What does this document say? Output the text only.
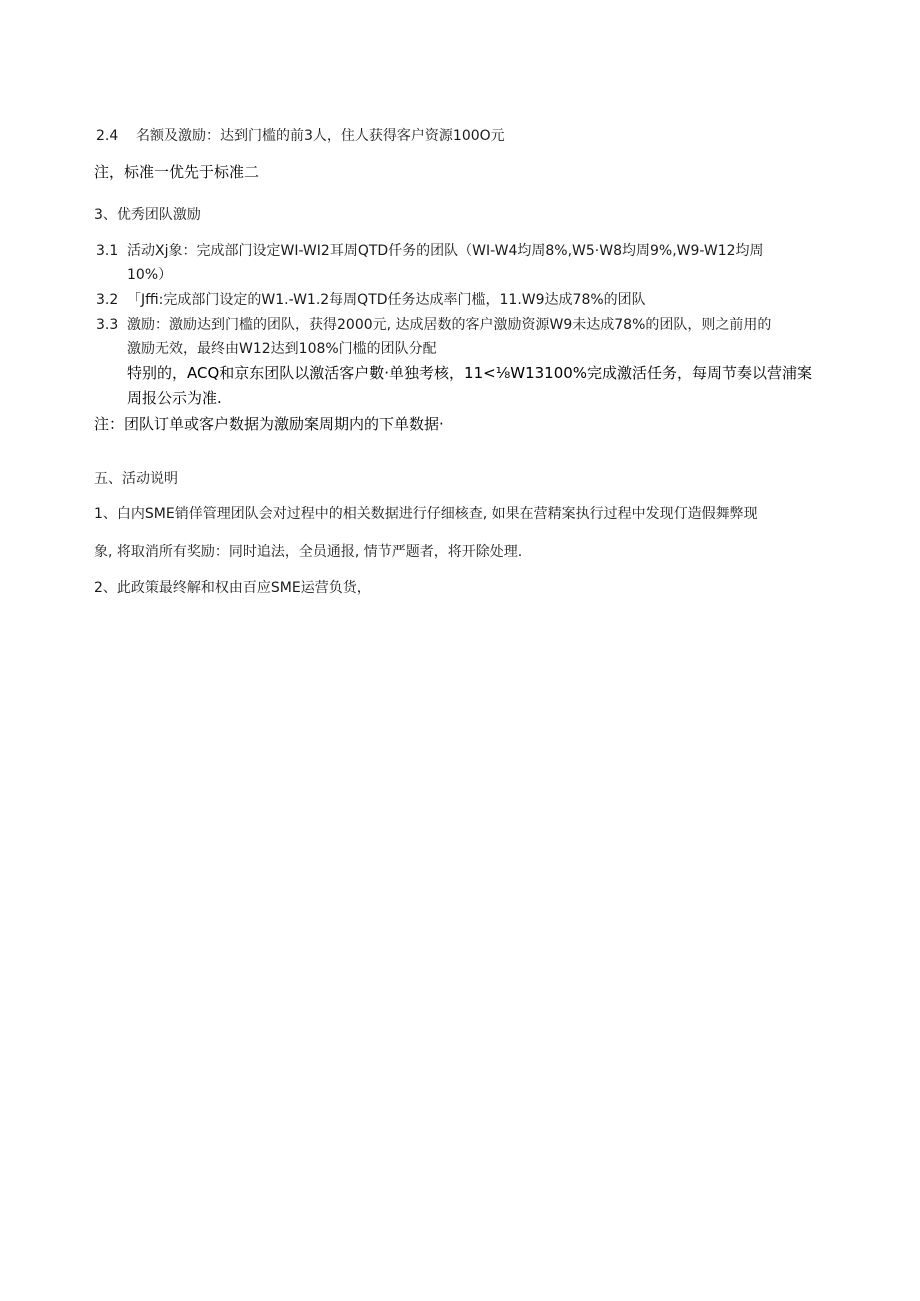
2.4 名额及激励：达到门槛的前3人，住人获得客户资源100O元
注，标准一优先于标准二
3、优秀团队激励
3.1 活动Xj象：完成部门设定WI-WI2耳周QTD仟务的团队（WI-W4均周8%,W5·W8均周9%,W9-W12均周
10%）
3.2 「Jffi:完成部门设定的W1.-W1.2每周QTD任务达成率门槛，11.W9达成78%的团队
3.3 激励：激励达到门槛的团队，获得2000元, 达成居数的客户激励资源W9未达成78%的团队，则之前用的
激励无效，最终由W12达到108%门槛的团队分配
特别的，ACQ和京东团队以激活客户數·单独考核，11<⅛W13100%完成激活任务，每周节奏以营浦案
周报公示为准.
注：团队订单或客户数据为激励案周期内的下单数据·
五、活动说明
1、白内SME销佯管理团队会对过程中的相关数据进行仔细核查, 如果在营精案执行过程中发现仃造假舞弊现
象, 将取消所有奖励：同时追法，全员通报, 情节严题者，将开除处理.
2、此政策最终解和权由百应SME运营负货，
